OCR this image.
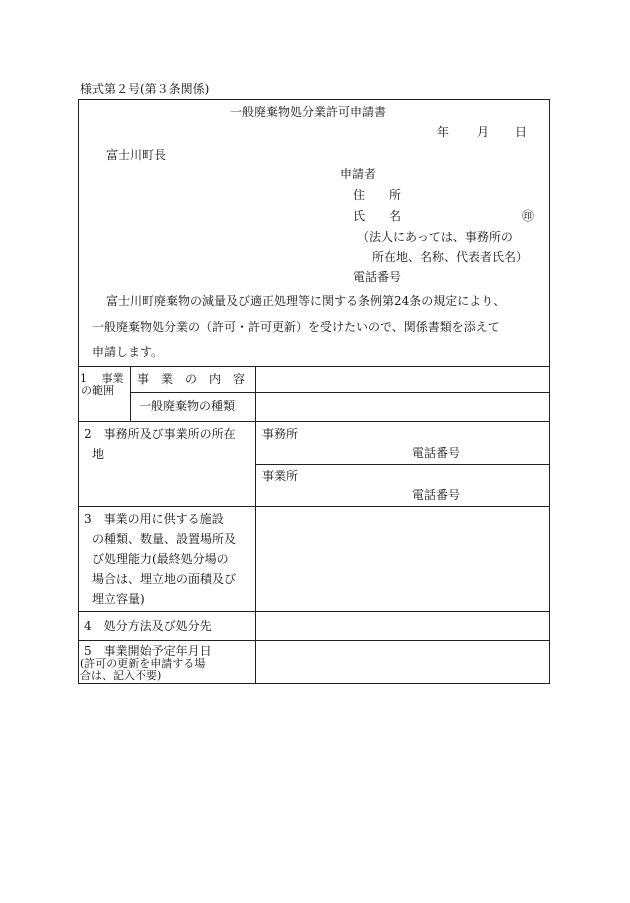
様式第２号(第３条関係)
一般廃棄物処分業許可申請書
年 月 日
富士川町長
申請者
住　　所
氏　　名	㊞
（法人にあっては、事務所の
所在地、名称、代表者氏名）
電話番号
富士川町廃棄物の減量及び適正処理等に関する条例第24条の規定により、
一般廃棄物処分業の（許可・許可更新）を受けたいので、関係書類を添えて
申請します。
1　 事業
の範囲
事　業　の　内　容
一般廃棄物の種類
2　事務所及び事業所の所在
地
事務所
電話番号
事業所
電話番号
3　事業の用に供する施設
の種類、数量、設置場所及
び処理能力(最終処分場の
場合は、埋立地の面積及び
埋立容量)
4　処分方法及び処分先
5　事業開始予定年月日
(許可の更新を申請する場
合は、記入不要)
